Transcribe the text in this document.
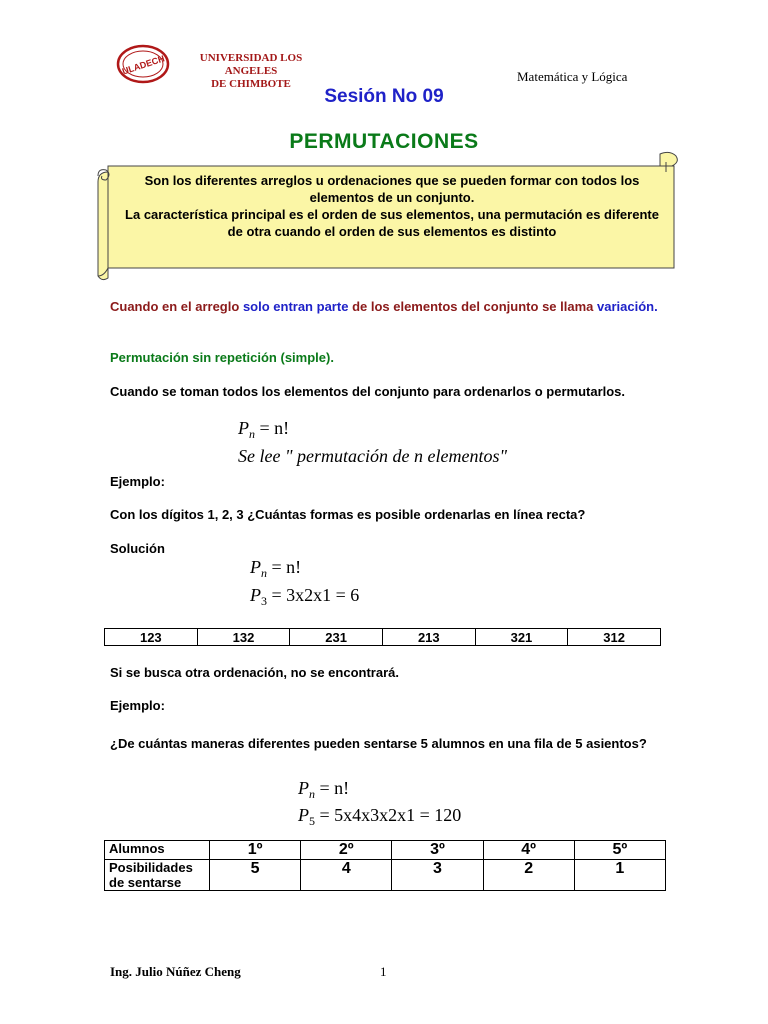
ULADECH	UNIVERSIDAD LOS ANGELES
DE CHIMBOTE	Matemática y Lógica
Sesión No 09
PERMUTACIONES
Son los diferentes arreglos u ordenaciones que se pueden formar con todos los elementos de un conjunto.
La característica principal es el orden de sus elementos, una permutación es diferente de otra cuando el orden de sus elementos es distinto
Cuando en el arreglo solo entran parte de los elementos del conjunto se llama variación.
Permutación sin repetición (simple).
Cuando se toman todos los elementos del conjunto para ordenarlos o permutarlos.
$P_n = n$!
Se lee " permutación de n elementos"
Ejemplo:
Con los dígitos 1, 2, 3 ¿Cuántas formas es posible ordenarlas en línea recta?
Solución
$P_n = n$!
$P_3 = 3x2x1 = 6$
123	132	231	213	321	312
Si se busca otra ordenación, no se encontrará.
Ejemplo:
¿De cuántas maneras diferentes pueden sentarse 5 alumnos en una fila de 5 asientos?
$P_n = n$!
$P_5 = 5x4x3x2x1 = 120$
Alumnos	1º	2º	3º	4º	5º

Posibilidades
de sentarse	5	4	3	2	1
Ing. Julio Núñez Cheng	1
